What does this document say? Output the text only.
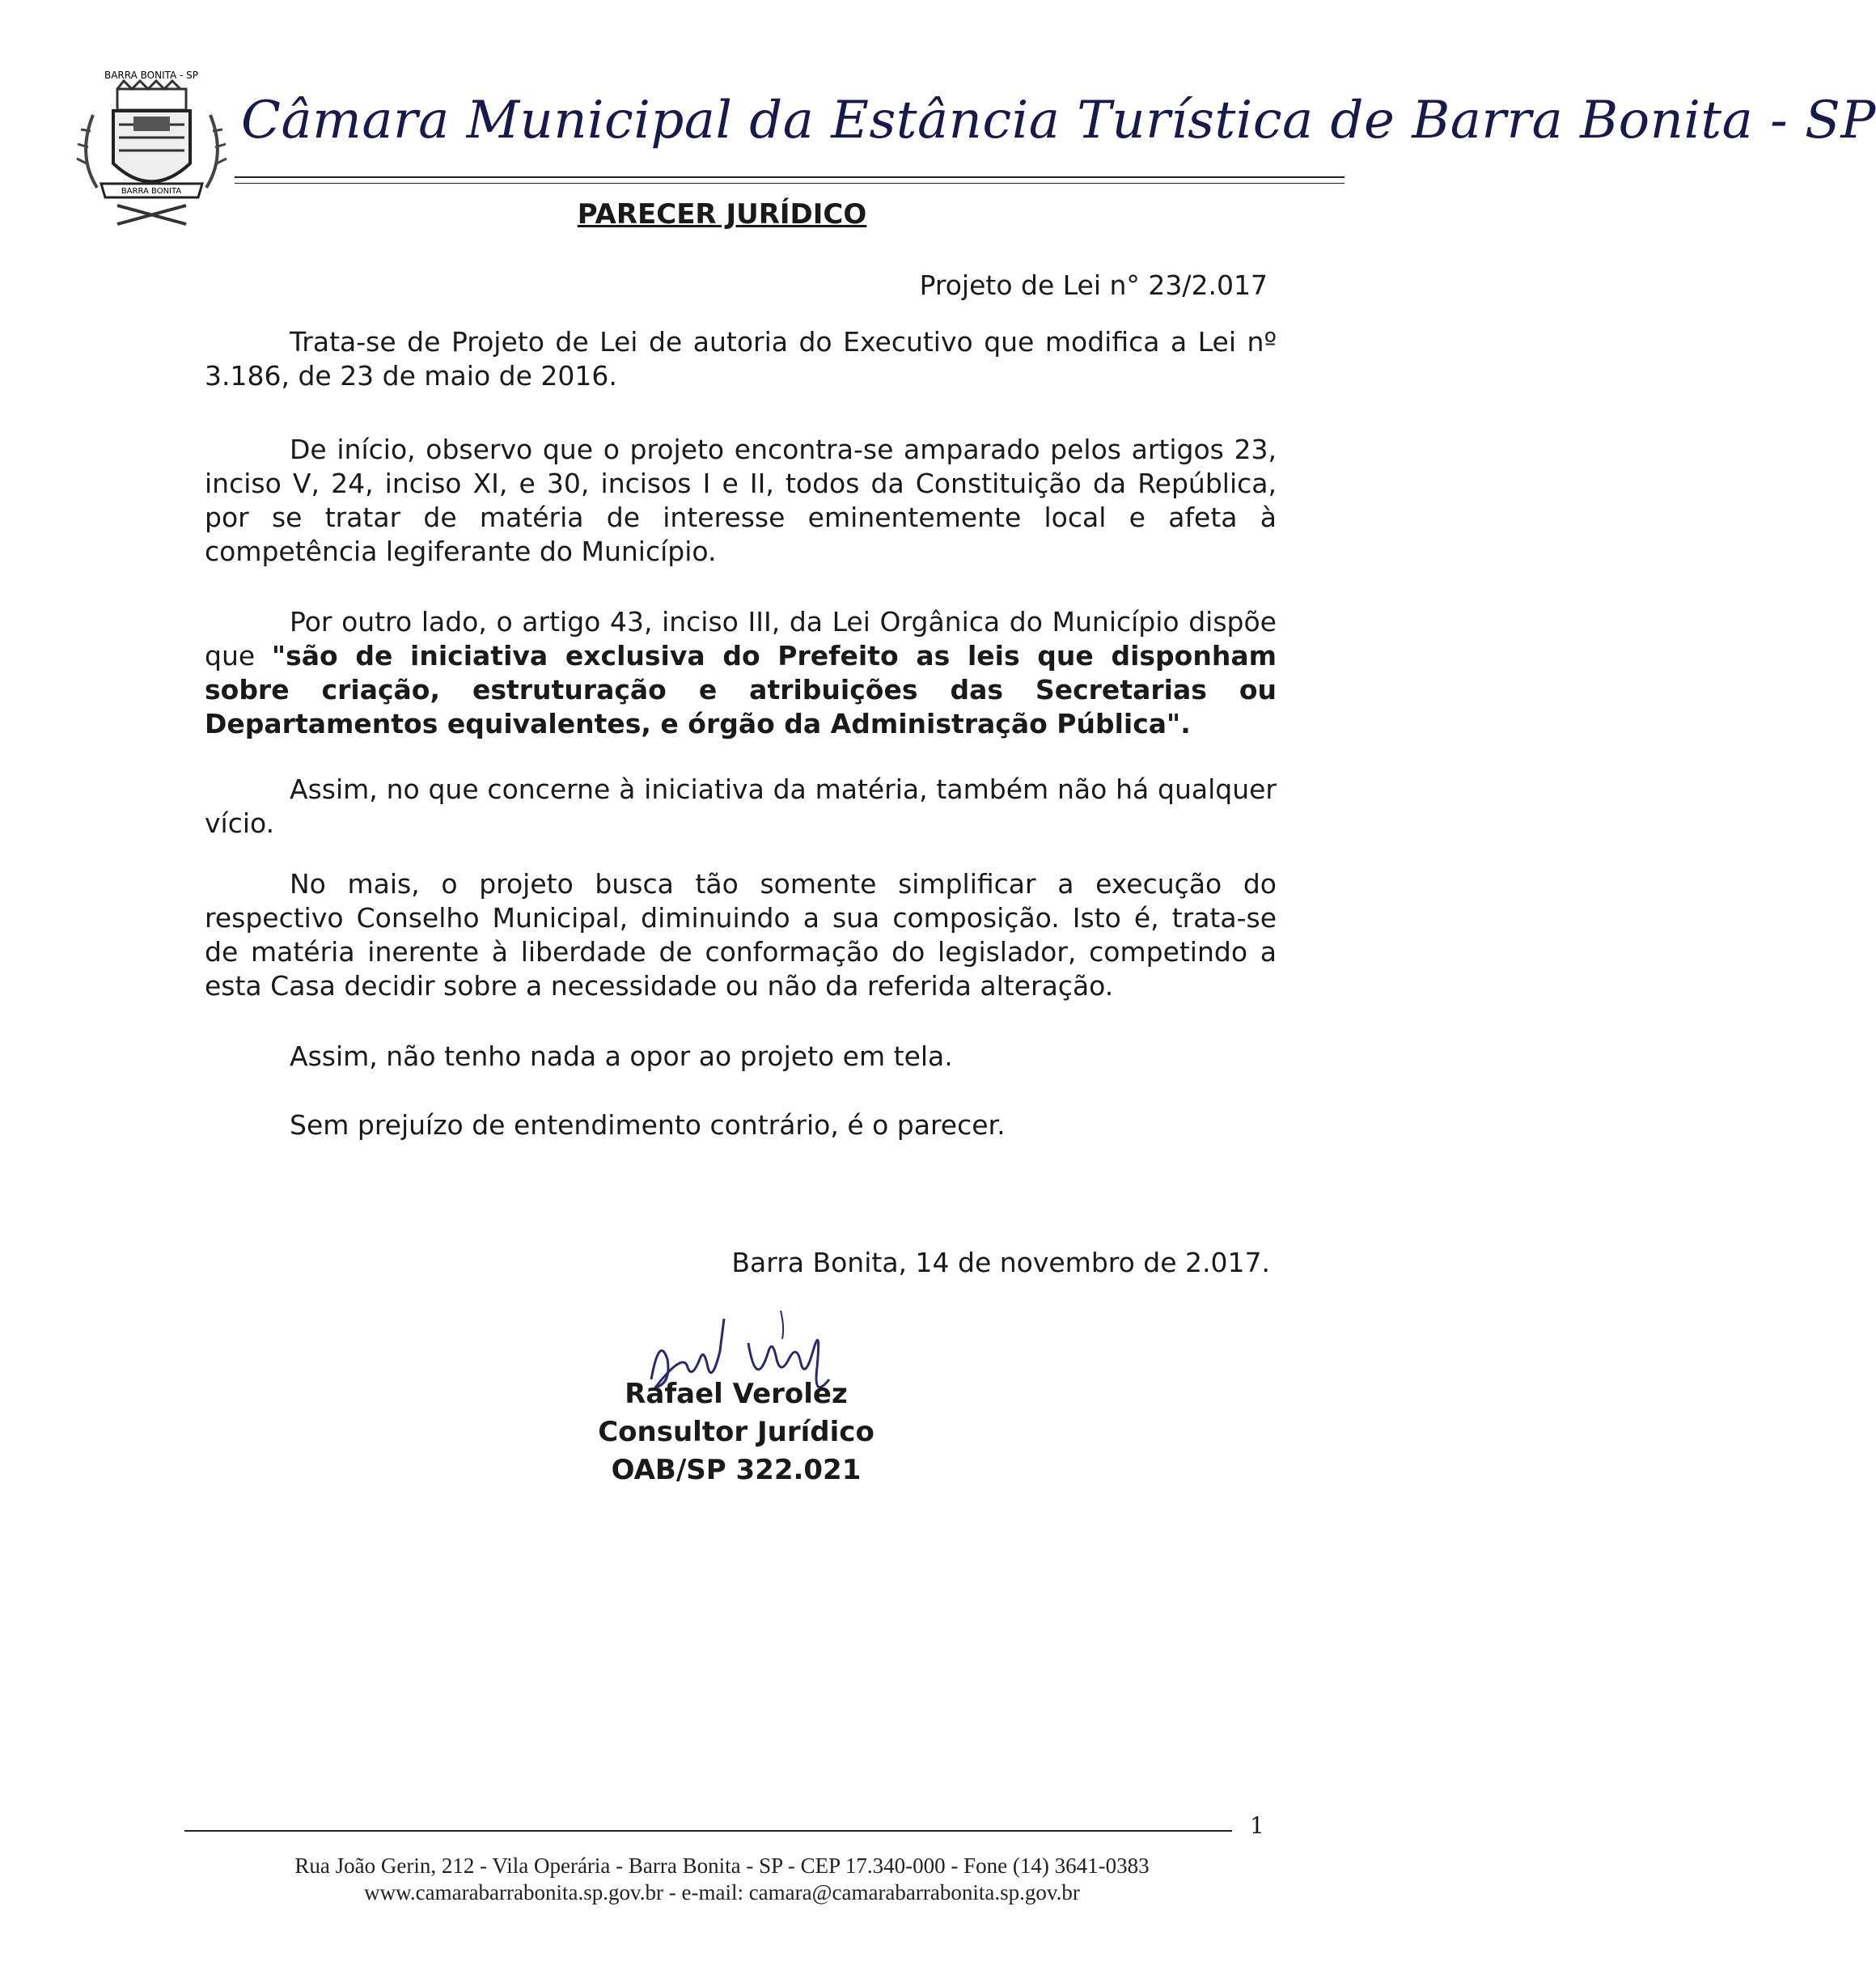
BARRA BONITA
BARRA BONITA - SP
Câmara Municipal da Estância Turística de Barra Bonita - SP
PARECER JURÍDICO
Projeto de Lei n° 23/2.017
Trata-se de Projeto de Lei de autoria do Executivo que modifica a Lei nº 3.186, de 23 de maio de 2016.
De início, observo que o projeto encontra-se amparado pelos artigos 23, inciso V, 24, inciso XI, e 30, incisos I e II, todos da Constituição da República, por se tratar de matéria de interesse eminentemente local e afeta à competência legiferante do Município.
Por outro lado, o artigo 43, inciso III, da Lei Orgânica do Município dispõe que "são de iniciativa exclusiva do Prefeito as leis que disponham sobre criação, estruturação e atribuições das Secretarias ou Departamentos equivalentes, e órgão da Administração Pública".
Assim, no que concerne à iniciativa da matéria, também não há qualquer vício.
No mais, o projeto busca tão somente simplificar a execução do respectivo Conselho Municipal, diminuindo a sua composição. Isto é, trata-se de matéria inerente à liberdade de conformação do legislador, competindo a esta Casa decidir sobre a necessidade ou não da referida alteração.
Assim, não tenho nada a opor ao projeto em tela.
Sem prejuízo de entendimento contrário, é o parecer.
Barra Bonita, 14 de novembro de 2.017.
Rafael Verolez
Consultor Jurídico
OAB/SP 322.021
1
Rua João Gerin, 212 - Vila Operária - Barra Bonita - SP - CEP 17.340-000 - Fone (14) 3641-0383
www.camarabarrabonita.sp.gov.br - e-mail: camara@camarabarrabonita.sp.gov.br
